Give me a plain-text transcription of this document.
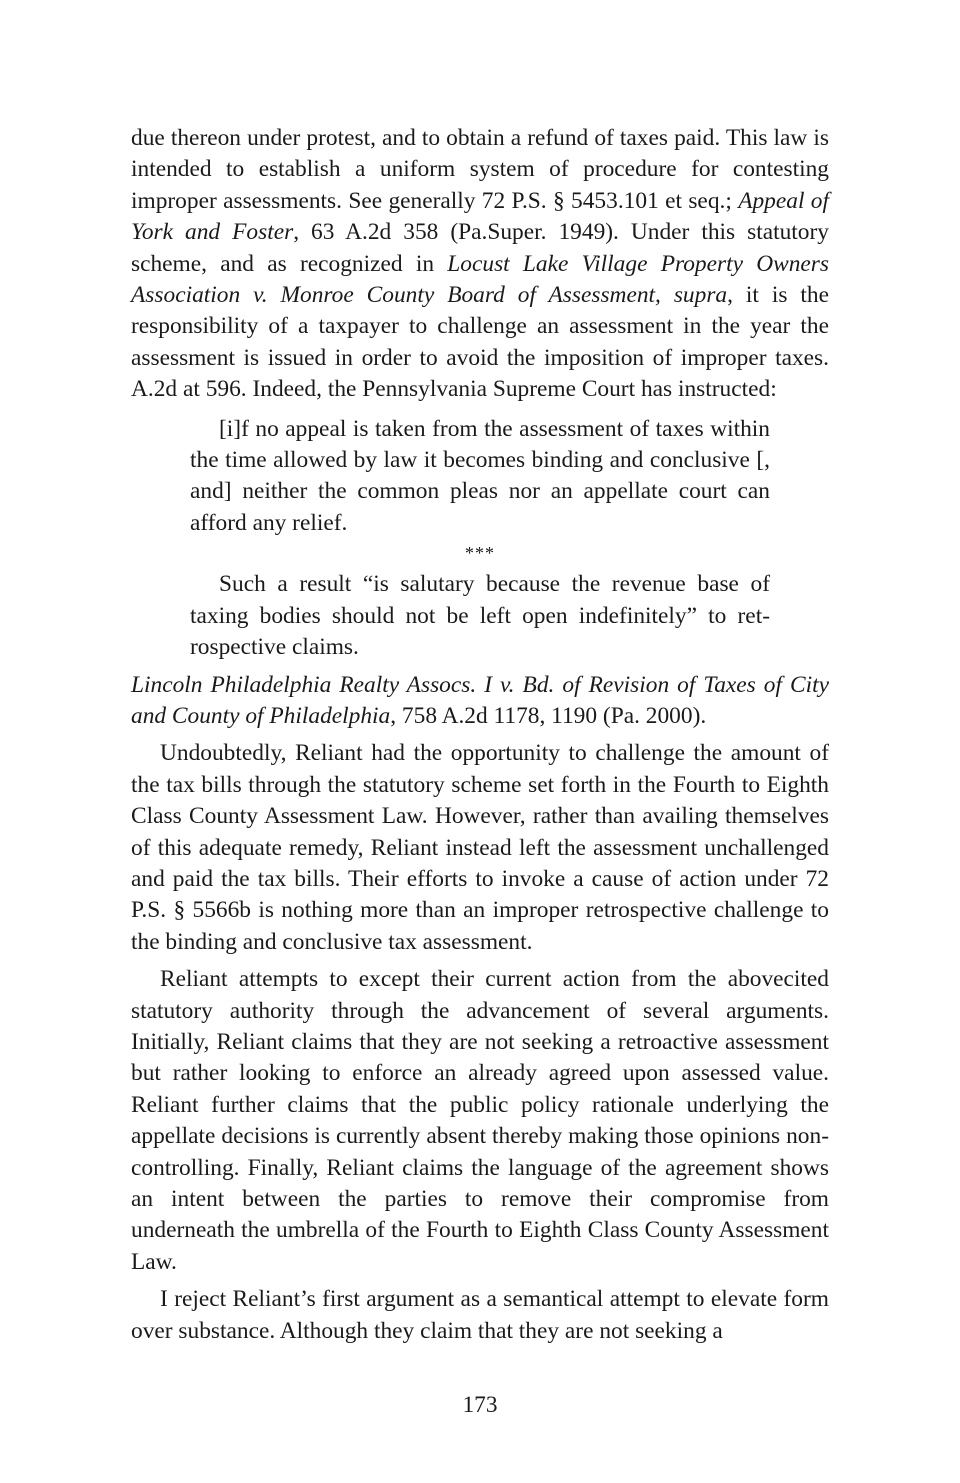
due thereon under protest, and to obtain a refund of taxes paid. This law is intended to establish a uniform system of procedure for contesting improper assessments. See generally 72 P.S. § 5453.101 et seq.; Appeal of York and Foster, 63 A.2d 358 (Pa.Super. 1949). Under this statutory scheme, and as recognized in Locust Lake Village Property Owners Association v. Monroe County Board of Assessment, supra, it is the responsibility of a taxpayer to challenge an assessment in the year the assessment is issued in order to avoid the imposition of improper taxes. A.2d at 596. Indeed, the Pennsylvania Supreme Court has instructed:

[i]f no appeal is taken from the assessment of taxes within the time allowed by law it becomes binding and conclusive [, and] neither the common pleas nor an appellate court can afford any relief.

***

Such a result “is salutary because the revenue base of taxing bodies should not be left open indefinitely” to retrospective claims.

Lincoln Philadelphia Realty Assocs. I v. Bd. of Revision of Taxes of City and County of Philadelphia, 758 A.2d 1178, 1190 (Pa. 2000).

Undoubtedly, Reliant had the opportunity to challenge the amount of the tax bills through the statutory scheme set forth in the Fourth to Eighth Class County Assessment Law. However, rather than availing themselves of this adequate remedy, Reliant instead left the assessment unchallenged and paid the tax bills. Their efforts to invoke a cause of action under 72 P.S. § 5566b is nothing more than an improper retrospective challenge to the binding and conclusive tax assessment.

Reliant attempts to except their current action from the abovecited statutory authority through the advancement of several arguments. Initially, Reliant claims that they are not seeking a retroactive assessment but rather looking to enforce an already agreed upon assessed value. Reliant further claims that the public policy rationale underlying the appellate decisions is currently absent thereby making those opinions non-controlling. Finally, Reliant claims the language of the agreement shows an intent between the parties to remove their compromise from underneath the umbrella of the Fourth to Eighth Class County Assessment Law.

I reject Reliant’s first argument as a semantical attempt to elevate form over substance. Although they claim that they are not seeking a

173
